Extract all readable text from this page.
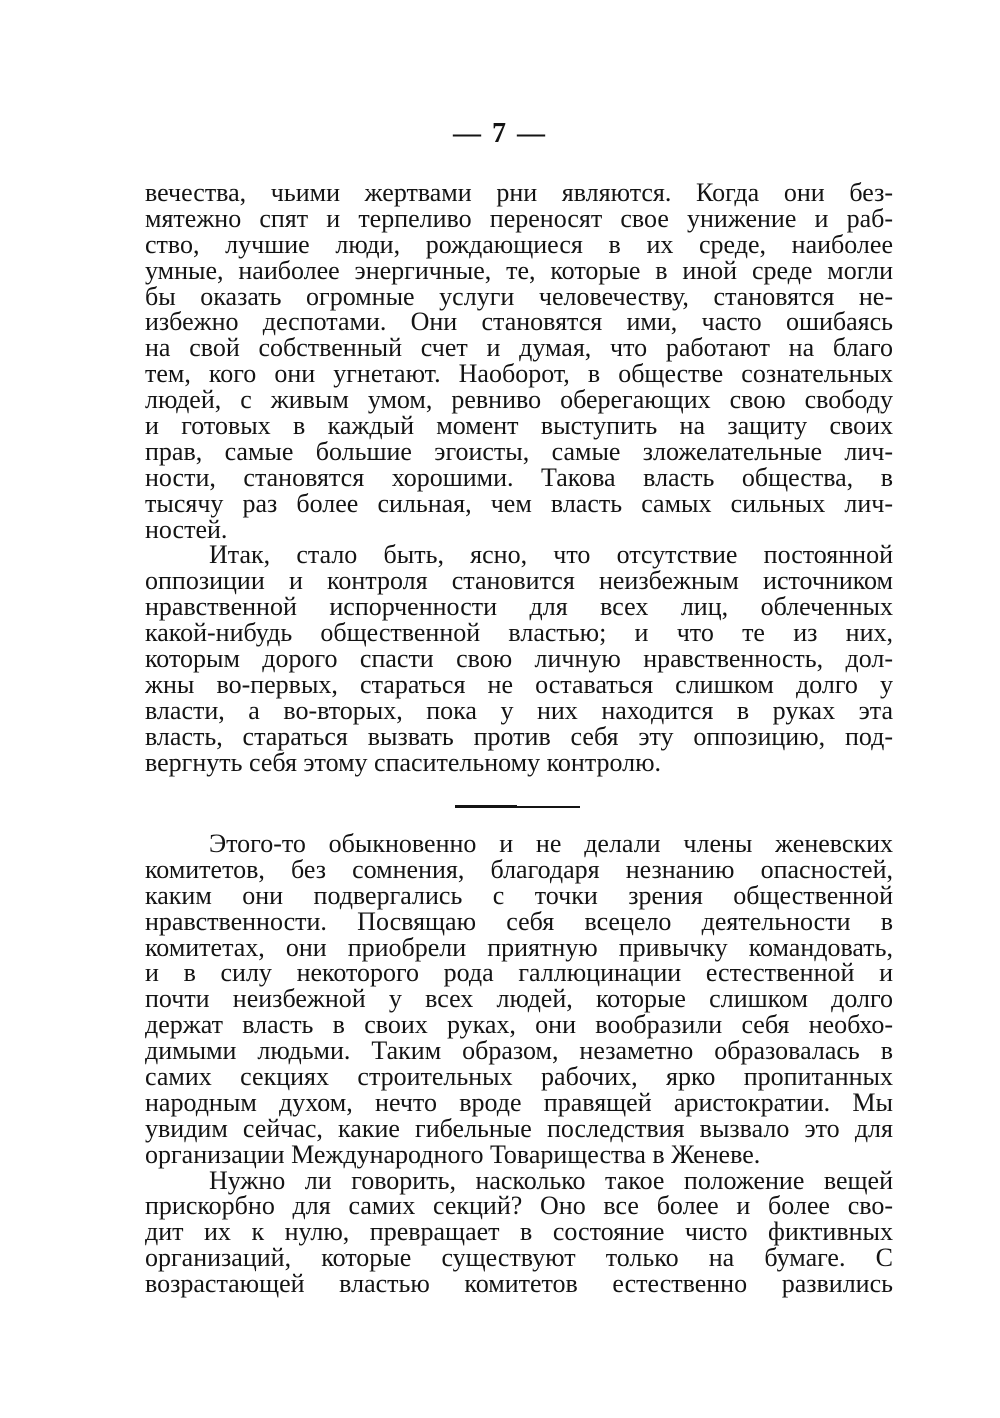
— 7 —
вечества, чьими жертвами рни являются. Когда они без-
мятежно спят и терпеливо переносят свое унижение и раб-
ство, лучшие люди, рождающиеся в их среде, наиболее
умные, наиболее энергичные, те, которые в иной среде могли
бы оказать огромные услуги человечеству, становятся не-
избежно деспотами. Они становятся ими, часто ошибаясь
на свой собственный счет и думая, что работают на благо
тем, кого они угнетают. Наоборот, в обществе сознательных
людей, с живым умом, ревниво оберегающих свою свободу
и готовых в каждый момент выступить на защиту своих
прав, самые большие эгоисты, самые зложелательные лич-
ности, становятся хорошими. Такова власть общества, в
тысячу раз более сильная, чем власть самых сильных лич-
ностей.
Итак, стало быть, ясно, что отсутствие постоянной
оппозиции и контроля становится неизбежным источником
нравственной испорченности для всех лиц, облеченных
какой-нибудь общественной властью; и что те из них,
которым дорого спасти свою личную нравственность, дол-
жны во-первых, стараться не оставаться слишком долго у
власти, а во-вторых, пока у них находится в руках эта
власть, стараться вызвать против себя эту оппозицию, под-
вергнуть себя этому спасительному контролю.
Этого-то обыкновенно и не делали члены женевских
комитетов, без сомнения, благодаря незнанию опасностей,
каким они подвергались с точки зрения общественной
нравственности. Посвящаю себя всецело деятельности в
комитетах, они приобрели приятную привычку командовать,
и в силу некоторого рода галлюцинации естественной и
почти неизбежной у всех людей, которые слишком долго
держат власть в своих руках, они вообразили себя необхо-
димыми людьми. Таким образом, незаметно образовалась в
самих секциях строительных рабочих, ярко пропитанных
народным духом, нечто вроде правящей аристократии. Мы
увидим сейчас, какие гибельные последствия вызвало это для
организации Международного Товарищества в Женеве.
Нужно ли говорить, насколько такое положение вещей
прискорбно для самих секций? Оно все более и более сво-
дит их к нулю, превращает в состояние чисто фиктивных
организаций, которые существуют только на бумаге. С
возрастающей властью комитетов естественно развились
